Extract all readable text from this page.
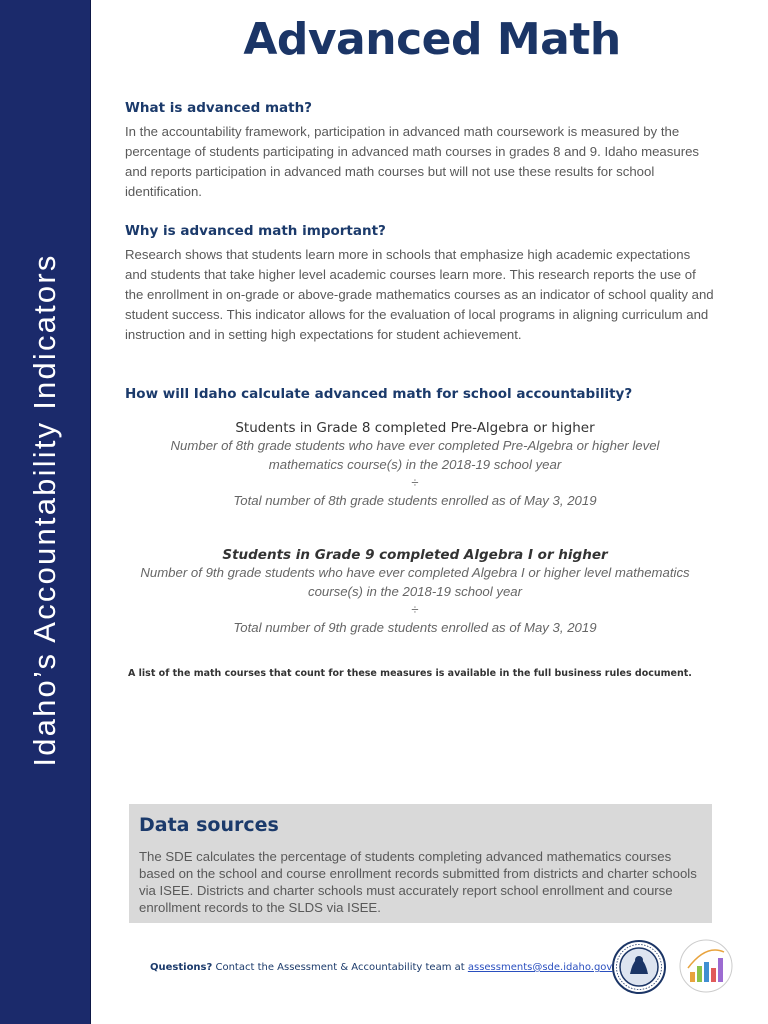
Idaho’s Accountability Indicators
Advanced Math
What is advanced math?

In the accountability framework, participation in advanced math coursework is measured by the percentage of students participating in advanced math courses in grades 8 and 9. Idaho measures and reports participation in advanced math courses but will not use these results for school identification.

Why is advanced math important?

Research shows that students learn more in schools that emphasize high academic expectations and students that take higher level academic courses learn more. This research reports the use of the enrollment in on-grade or above-grade mathematics courses as an indicator of school quality and student success. This indicator allows for the evaluation of local programs in aligning curriculum and instruction and in setting high expectations for student achievement.

How will Idaho calculate advanced math for school accountability?

Students in Grade 8 completed Pre-Algebra or higher

Number of 8th grade students who have ever completed Pre-Algebra or higher level

mathematics course(s) in the 2018-19 school year

÷

Total number of 8th grade students enrolled as of May 3, 2019

Students in Grade 9 completed Algebra I or higher

Number of 9th grade students who have ever completed Algebra I or higher level mathematics

course(s) in the 2018-19 school year

÷

Total number of 9th grade students enrolled as of May 3, 2019

A list of the math courses that count for these measures is available in the full business rules document.
Data sources

The SDE calculates the percentage of students completing advanced mathematics courses based on the school and course enrollment records submitted from districts and charter schools via ISEE. Districts and charter schools must accurately report school enrollment and course enrollment records to the SLDS via ISEE.

Questions? Contact the Assessment & Accountability team at assessments@sde.idaho.gov
